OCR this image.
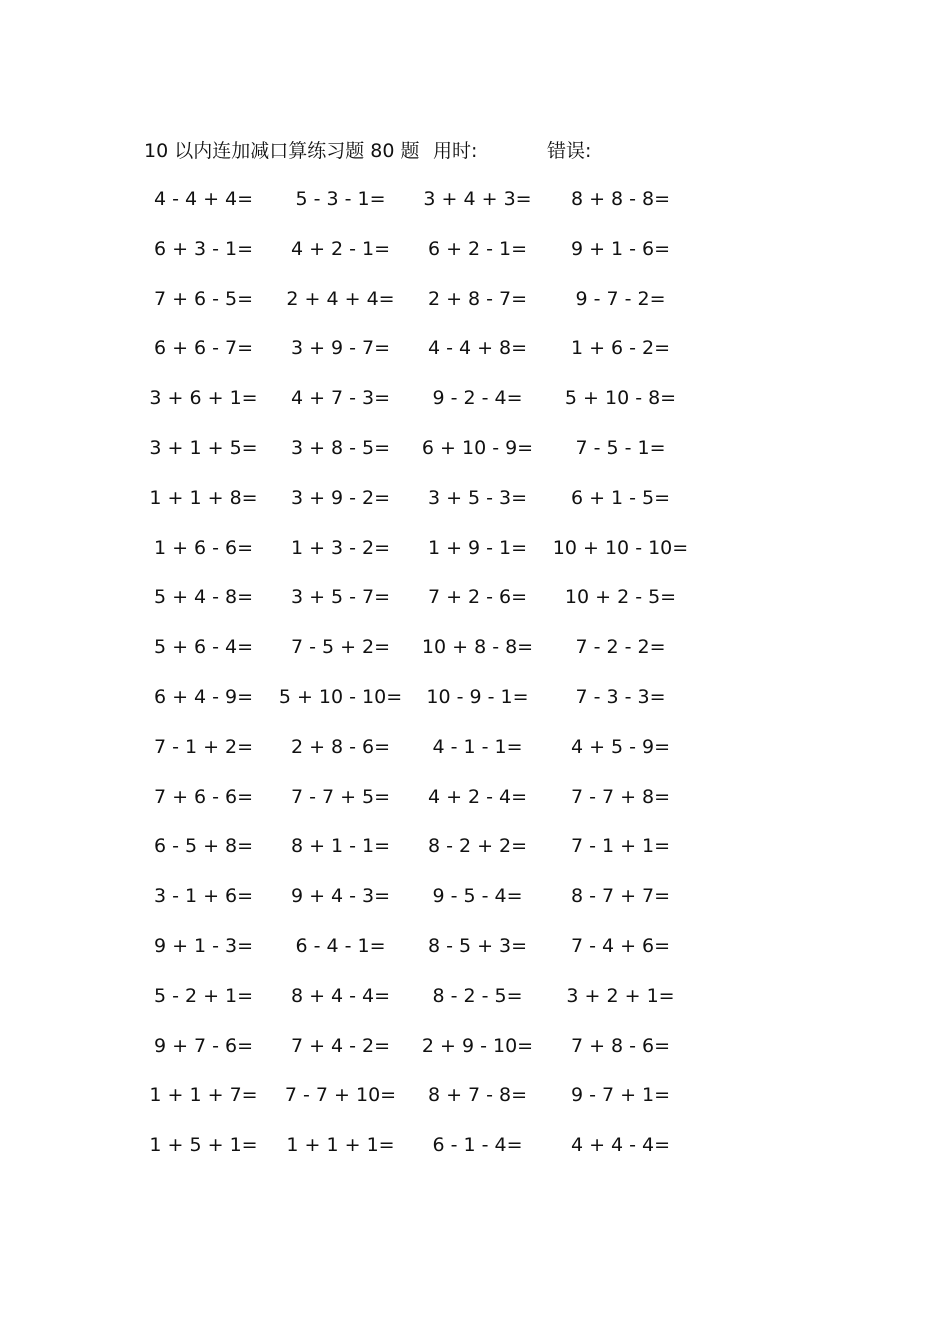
10 以内连加减口算练习题 80 题 用时:	错误:
4 - 4 + 4=	5 - 3 - 1=	3 + 4 + 3=	8 + 8 - 8=
6 + 3 - 1=	4 + 2 - 1=	6 + 2 - 1=	9 + 1 - 6=
7 + 6 - 5=	2 + 4 + 4=	2 + 8 - 7=	9 - 7 - 2=
6 + 6 - 7=	3 + 9 - 7=	4 - 4 + 8=	1 + 6 - 2=
3 + 6 + 1=	4 + 7 - 3=	9 - 2 - 4=	5 + 10 - 8=
3 + 1 + 5=	3 + 8 - 5=	6 + 10 - 9=	7 - 5 - 1=
1 + 1 + 8=	3 + 9 - 2=	3 + 5 - 3=	6 + 1 - 5=
1 + 6 - 6=	1 + 3 - 2=	1 + 9 - 1=	10 + 10 - 10=
5 + 4 - 8=	3 + 5 - 7=	7 + 2 - 6=	10 + 2 - 5=
5 + 6 - 4=	7 - 5 + 2=	10 + 8 - 8=	7 - 2 - 2=
6 + 4 - 9=	5 + 10 - 10=	10 - 9 - 1=	7 - 3 - 3=
7 - 1 + 2=	2 + 8 - 6=	4 - 1 - 1=	4 + 5 - 9=
7 + 6 - 6=	7 - 7 + 5=	4 + 2 - 4=	7 - 7 + 8=
6 - 5 + 8=	8 + 1 - 1=	8 - 2 + 2=	7 - 1 + 1=
3 - 1 + 6=	9 + 4 - 3=	9 - 5 - 4=	8 - 7 + 7=
9 + 1 - 3=	6 - 4 - 1=	8 - 5 + 3=	7 - 4 + 6=
5 - 2 + 1=	8 + 4 - 4=	8 - 2 - 5=	3 + 2 + 1=
9 + 7 - 6=	7 + 4 - 2=	2 + 9 - 10=	7 + 8 - 6=
1 + 1 + 7=	7 - 7 + 10=	8 + 7 - 8=	9 - 7 + 1=
1 + 5 + 1=	1 + 1 + 1=	6 - 1 - 4=	4 + 4 - 4=
